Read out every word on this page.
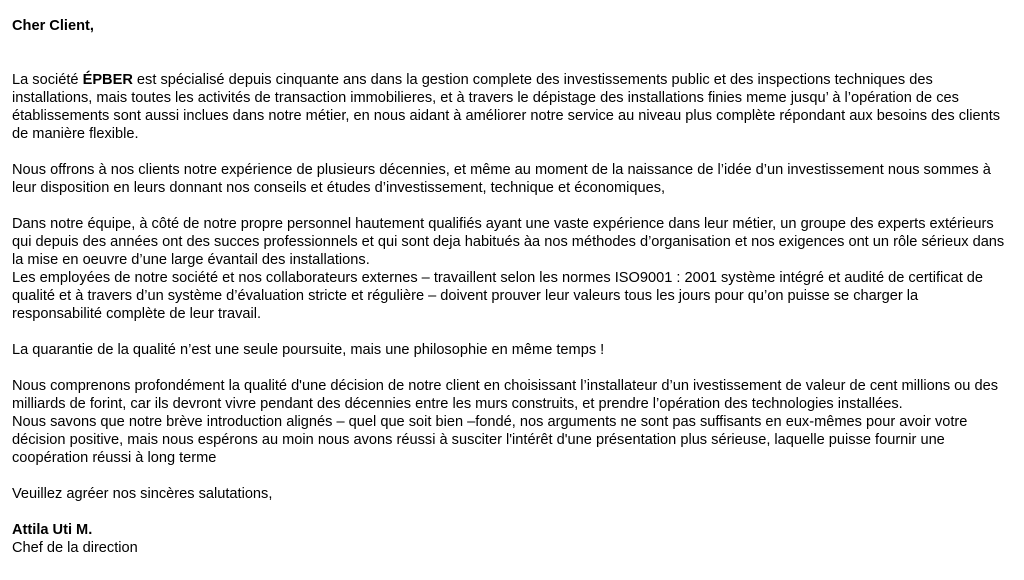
Cher Client,

La société ÉPBER est spécialisé depuis cinquante ans dans la gestion complete des investissements public et des inspections techniques des installations, mais toutes les activités de transaction immobilieres, et à travers le dépistage des installations finies meme jusqu’ à l’opération de ces établissements sont aussi inclues dans notre métier, en nous aidant à améliorer notre service au niveau plus complète répondant aux besoins des clients de manière flexible.

Nous offrons à nos clients notre expérience de plusieurs décennies, et même au moment de la naissance de l’idée d’un investissement nous sommes à leur disposition en leurs donnant nos conseils et études d’investissement, technique et économiques,

Dans notre équipe, à côté de notre propre personnel hautement qualifiés ayant une vaste expérience dans leur métier, un groupe des experts extérieurs qui depuis des années ont des succes professionnels et qui sont deja habitués àa nos méthodes d’organisation et nos exigences ont un rôle sérieux dans la mise en oeuvre d’une large évantail des installations.

Les employées de notre société et nos collaborateurs externes – travaillent selon les normes ISO9001 : 2001 système intégré et audité de certificat de qualité et à travers d’un système d’évaluation stricte et régulière – doivent prouver leur valeurs tous les jours pour qu’on puisse se charger la responsabilité complète de leur travail.

La quarantie de la qualité n’est une seule poursuite, mais une philosophie en même temps !

Nous comprenons profondément la qualité d'une décision de notre client en choisissant l’installateur d’un ivestissement de valeur de cent millions ou des milliards de forint, car ils devront vivre pendant des décennies entre les murs construits, et prendre l’opération des technologies installées.

Nous savons que notre brève introduction alignés – quel que soit bien –fondé, nos arguments ne sont pas suffisants en eux-mêmes pour avoir votre décision positive, mais nous espérons au moin nous avons réussi à susciter l'intérêt d'une présentation plus sérieusе, laquelle puisse fournir une coopération réussi à long terme

Veuillez agréer nos sincères salutations,

Attila Uti M.

Chef de la direction
